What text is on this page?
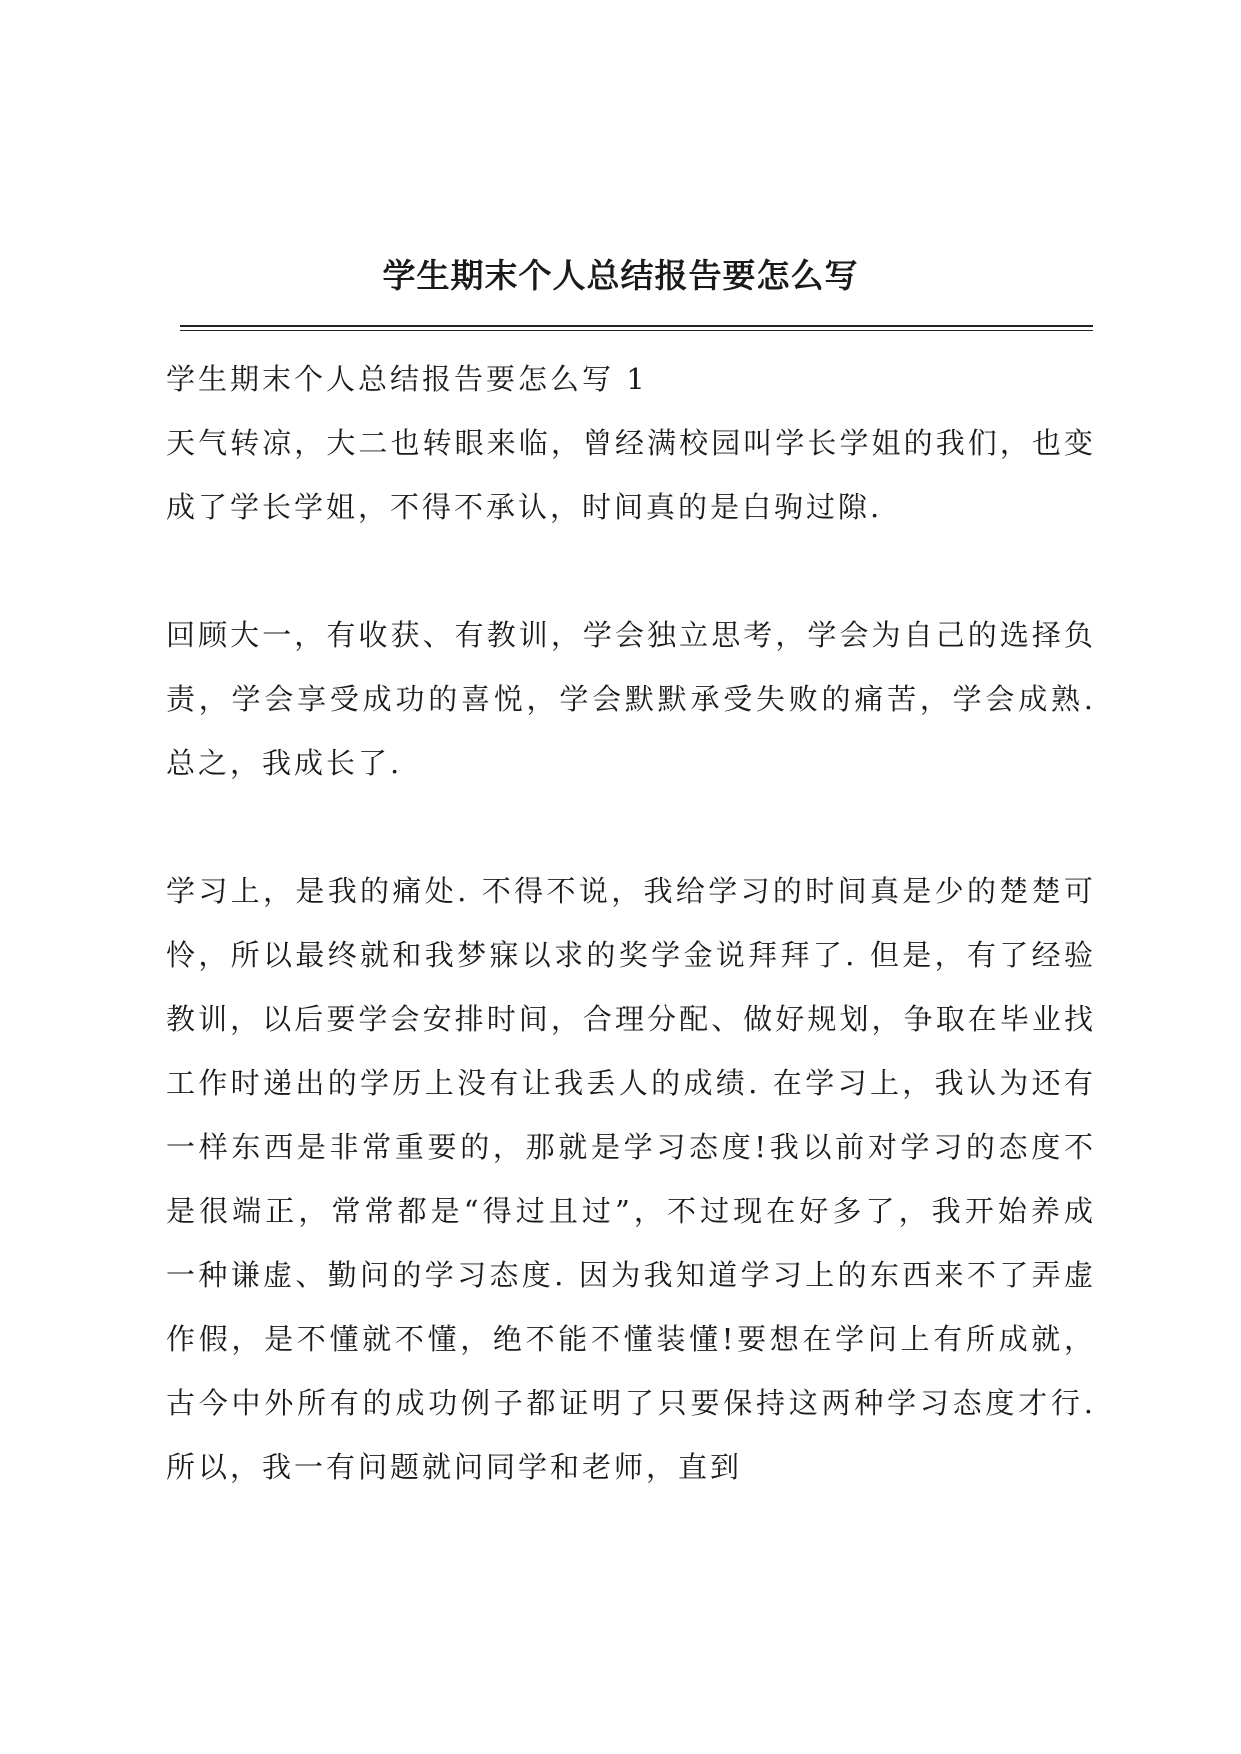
学生期末个人总结报告要怎么写

学生期末个人总结报告要怎么写 1

天气转凉，大二也转眼来临，曾经满校园叫学长学姐的我们，也变成了学长学姐，不得不承认，时间真的是白驹过隙.

回顾大一，有收获、有教训，学会独立思考，学会为自己的选择负责，学会享受成功的喜悦，学会默默承受失败的痛苦，学会成熟. 总之，我成长了.

学习上，是我的痛处. 不得不说，我给学习的时间真是少的楚楚可怜，所以最终就和我梦寐以求的奖学金说拜拜了. 但是，有了经验教训，以后要学会安排时间，合理分配、做好规划，争取在毕业找工作时递出的学历上没有让我丢人的成绩. 在学习上，我认为还有一样东西是非常重要的，那就是学习态度!我以前对学习的态度不是很端正，常常都是“得过且过”，不过现在好多了，我开始养成一种谦虚、勤问的学习态度. 因为我知道学习上的东西来不了弄虚作假，是不懂就不懂，绝不能不懂装懂!要想在学问上有所成就，古今中外所有的成功例子都证明了只要保持这两种学习态度才行. 所以，我一有问题就问同学和老师，直到
